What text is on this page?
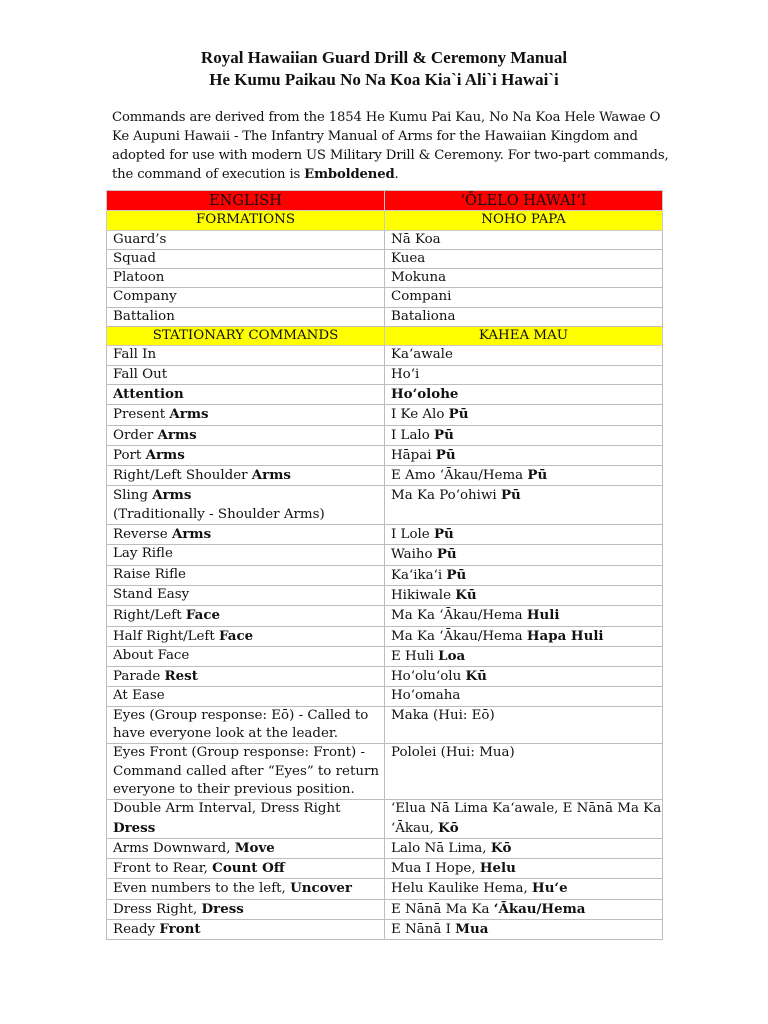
Royal Hawaiian Guard Drill & Ceremony Manual
He Kumu Paikau No Na Koa Kia`i Ali`i Hawai`i
Commands are derived from the 1854 He Kumu Pai Kau, No Na Koa Hele Wawae O Ke Aupuni Hawaii - The Infantry Manual of Arms for the Hawaiian Kingdom and adopted for use with modern US Military Drill & Ceremony. For two-part commands, the command of execution is Emboldened.
ENGLISH	ʻŌLELO HAWAIʻI
FORMATIONS	NOHO PAPA
Guard’s	Nā Koa
Squad	Kuea
Platoon	Mokuna
Company	Compani
Battalion	Bataliona
STATIONARY COMMANDS	KAHEA MAU
Fall In	Kaʻawale
Fall Out	Hoʻi
Attention	Hoʻolohe
Present Arms	I Ke Alo Pū
Order Arms	I Lalo Pū
Port Arms	Hāpai Pū
Right/Left Shoulder Arms	E Amo ʻĀkau/Hema Pū
Sling Arms
(Traditionally - Shoulder Arms)	Ma Ka Poʻohiwi Pū
Reverse Arms	I Lole Pū
Lay Rifle	Waiho Pū
Raise Rifle	Kaʻikaʻi Pū
Stand Easy	Hikiwale Kū
Right/Left Face	Ma Ka ʻĀkau/Hema Huli
Half Right/Left Face	Ma Ka ʻĀkau/Hema Hapa Huli
About Face	E Huli Loa
Parade Rest	Hoʻoluʻolu Kū
At Ease	Hoʻomaha
Eyes (Group response: Eō) - Called to have everyone look at the leader.	Maka (Hui: Eō)
Eyes Front (Group response: Front) - Command called after “Eyes” to return everyone to their previous position.	Pololei (Hui: Mua)
Double Arm Interval, Dress Right Dress	ʻElua Nā Lima Kaʻawale, E Nānā Ma Ka ʻĀkau, Kō
Arms Downward, Move	Lalo Nā Lima, Kō
Front to Rear, Count Off	Mua I Hope, Helu
Even numbers to the left, Uncover	Helu Kaulike Hema, Huʻe
Dress Right, Dress	E Nānā Ma Ka ʻĀkau/Hema
Ready Front	E Nānā I Mua
